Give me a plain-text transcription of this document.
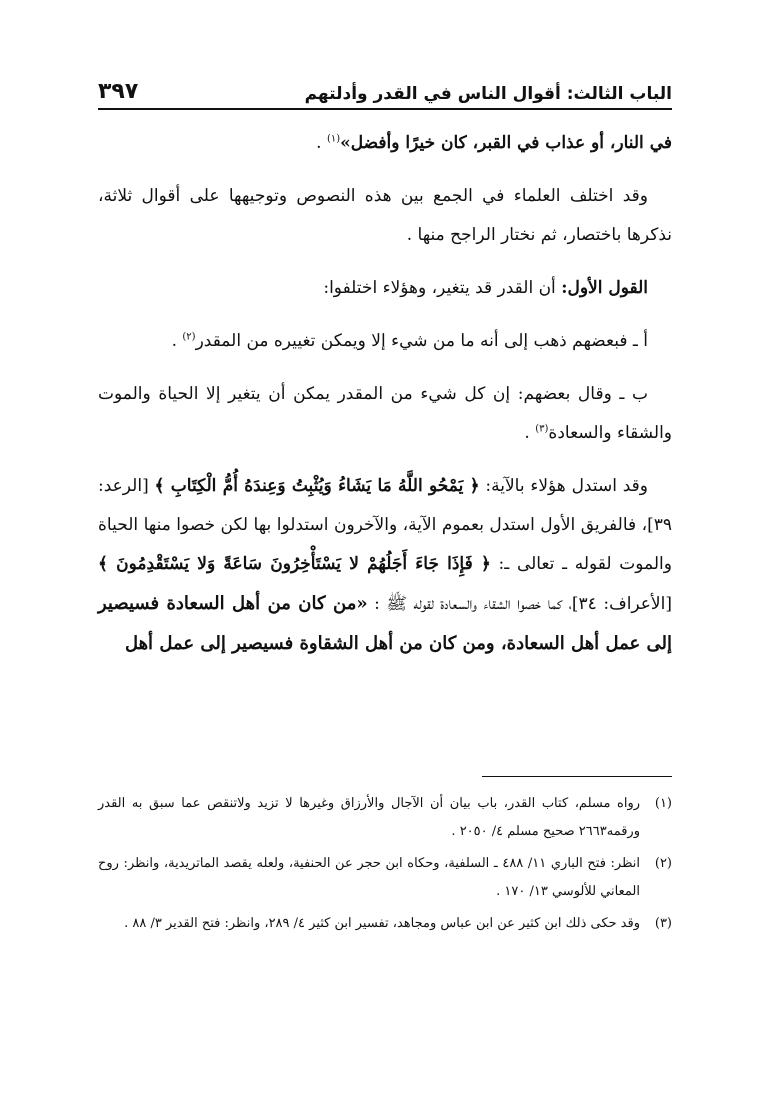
الباب الثالث: أقوال الناس في القدر وأدلتهم
٣٩٧

في النار، أو عذاب في القبر، كان خيرًا وأفضل»$^{(١)}$ .

وقد اختلف العلماء في الجمع بين هذه النصوص وتوجيهها على أقوال ثلاثة، نذكرها باختصار، ثم نختار الراجح منها .

القول الأول: أن القدر قد يتغير، وهؤلاء اختلفوا:

أ ـ فبعضهم ذهب إلى أنه ما من شيء إلا ويمكن تغييره من المقدر$^{(٢)}$ .

ب ـ وقال بعضهم: إن كل شيء من المقدر يمكن أن يتغير إلا الحياة والموت والشقاء والسعادة$^{(٣)}$ .

وقد استدل هؤلاء بالآية: ﴿ يَمْحُو اللَّهُ مَا يَشَاءُ وَيُثْبِتُ وَعِندَهُ أُمُّ الْكِتَابِ ﴾ [الرعد: ٣٩]، فالفريق الأول استدل بعموم الآية، والآخرون استدلوا بها لكن خصوا منها الحياة والموت لقوله ـ تعالى ـ: ﴿ فَإِذَا جَاءَ أَجَلُهُمْ لا يَسْتَأْخِرُونَ سَاعَةً وَلا يَسْتَقْدِمُونَ ﴾ [الأعراف: ٣٤]، كما خصوا الشقاء والسعادة لقوله ﷺ : «من كان من أهل السعادة فسيصير إلى عمل أهل السعادة، ومن كان من أهل الشقاوة فسيصير إلى عمل أهل

(١)
رواه مسلم، كتاب القدر، باب بيان أن الآجال والأرزاق وغيرها لا تزيد ولاتنقص عما سبق به القدر ورقمه٢٦٦٣ صحيح مسلم ٤/ ٢٠٥٠ .
(٢)
انظر: فتح الباري ١١/ ٤٨٨ ـ السلفية، وحكاه ابن حجر عن الحنفية، ولعله يقصد الماتريدية، وانظر: روح المعاني للألوسي ١٣/ ١٧٠ .
(٣)
وقد حكى ذلك ابن كثير عن ابن عباس ومجاهد، تفسير ابن كثير ٤/ ٢٨٩، وانظر: فتح القدير ٣/ ٨٨ .
